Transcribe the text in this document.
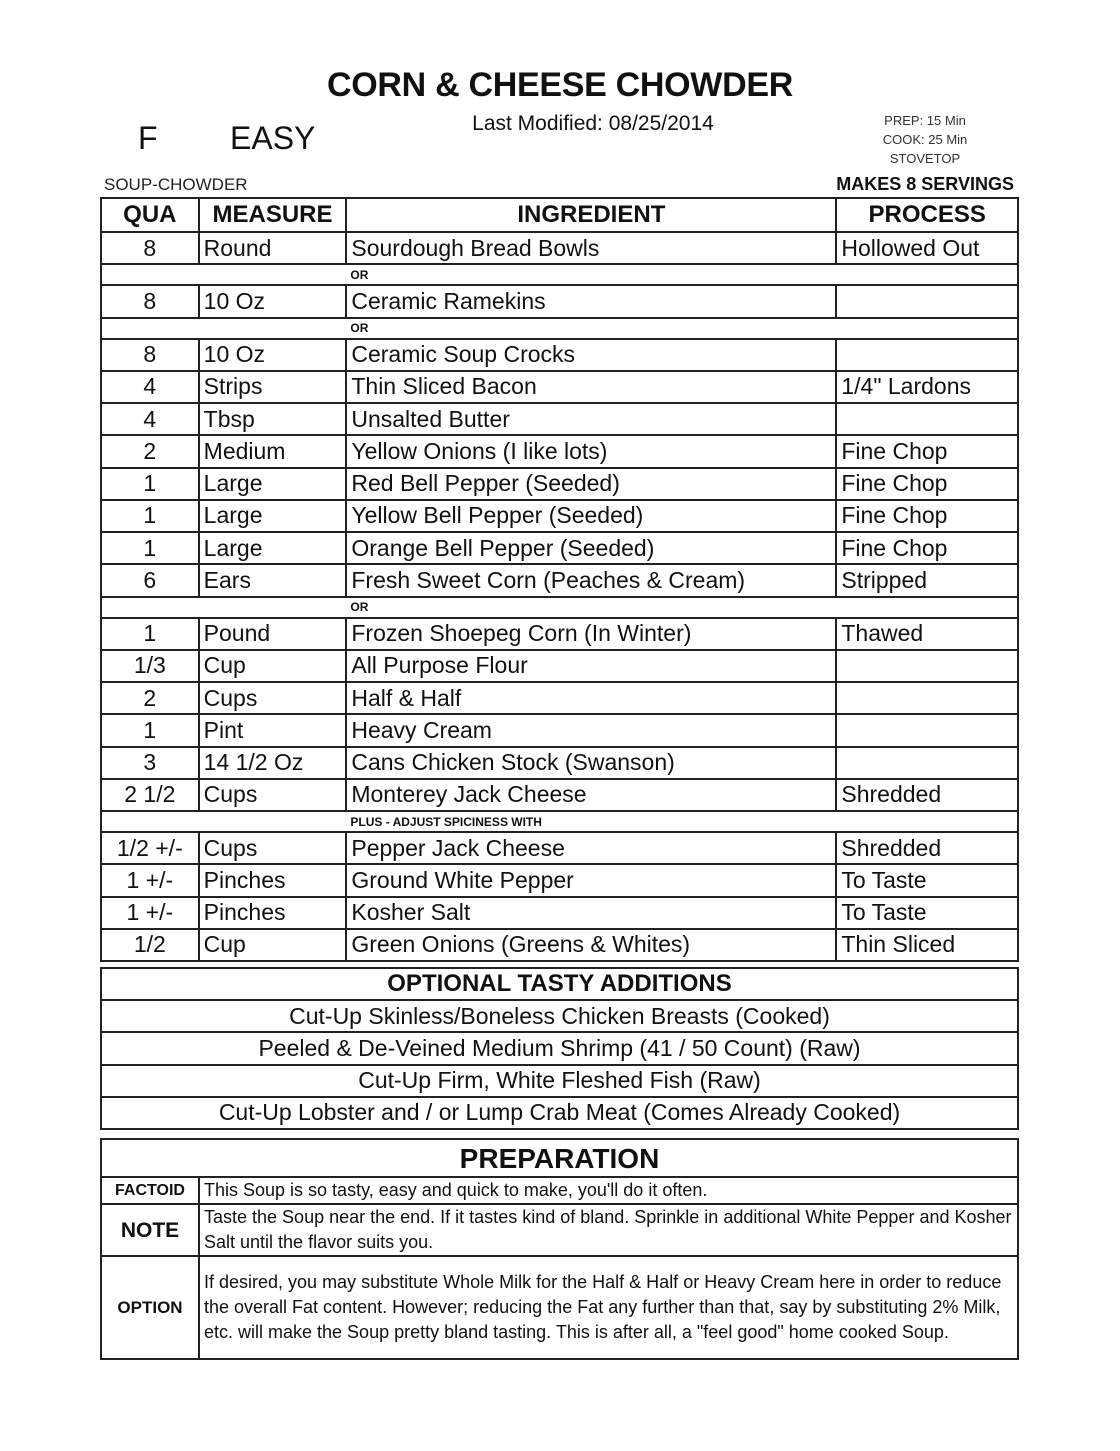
CORN & CHEESE CHOWDER
Last Modified: 08/25/2014
F EASY	PREP: 15 Min
COOK: 25 Min
STOVETOP
SOUP-CHOWDER	MAKES 8 SERVINGS
QUA	MEASURE	INGREDIENT	PROCESS
8	Round	Sourdough Bread Bowls	Hollowed Out
		OR	
8	10 Oz	Ceramic Ramekins	
		OR	
8	10 Oz	Ceramic Soup Crocks	
4	Strips	Thin Sliced Bacon	1/4" Lardons
4	Tbsp	Unsalted Butter	
2	Medium	Yellow Onions (I like lots)	Fine Chop
1	Large	Red Bell Pepper (Seeded)	Fine Chop
1	Large	Yellow Bell Pepper (Seeded)	Fine Chop
1	Large	Orange Bell Pepper (Seeded)	Fine Chop
6	Ears	Fresh Sweet Corn (Peaches & Cream)	Stripped
		OR	
1	Pound	Frozen Shoepeg Corn (In Winter)	Thawed
1/3	Cup	All Purpose Flour	
2	Cups	Half & Half	
1	Pint	Heavy Cream	
3	14 1/2 Oz	Cans Chicken Stock (Swanson)	
2 1/2	Cups	Monterey Jack Cheese	Shredded
		PLUS - ADJUST SPICINESS WITH	
1/2 +/-	Cups	Pepper Jack Cheese	Shredded
1 +/-	Pinches	Ground White Pepper	To Taste
1 +/-	Pinches	Kosher Salt	To Taste
1/2	Cup	Green Onions (Greens & Whites)	Thin Sliced
OPTIONAL TASTY ADDITIONS
Cut-Up Skinless/Boneless Chicken Breasts (Cooked)
Peeled & De-Veined Medium Shrimp (41 / 50 Count) (Raw)
Cut-Up Firm, White Fleshed Fish (Raw)
Cut-Up Lobster and / or Lump Crab Meat (Comes Already Cooked)
PREPARATION	
FACTOID	This Soup is so tasty, easy and quick to make, you'll do it often.
NOTE	Taste the Soup near the end. If it tastes kind of bland. Sprinkle in additional White Pepper and Kosher Salt until the flavor suits you.
OPTION	If desired, you may substitute Whole Milk for the Half & Half or Heavy Cream here in order to reduce the overall Fat content. However; reducing the Fat any further than that, say by substituting 2% Milk, etc. will make the Soup pretty bland tasting. This is after all, a "feel good" home cooked Soup.
